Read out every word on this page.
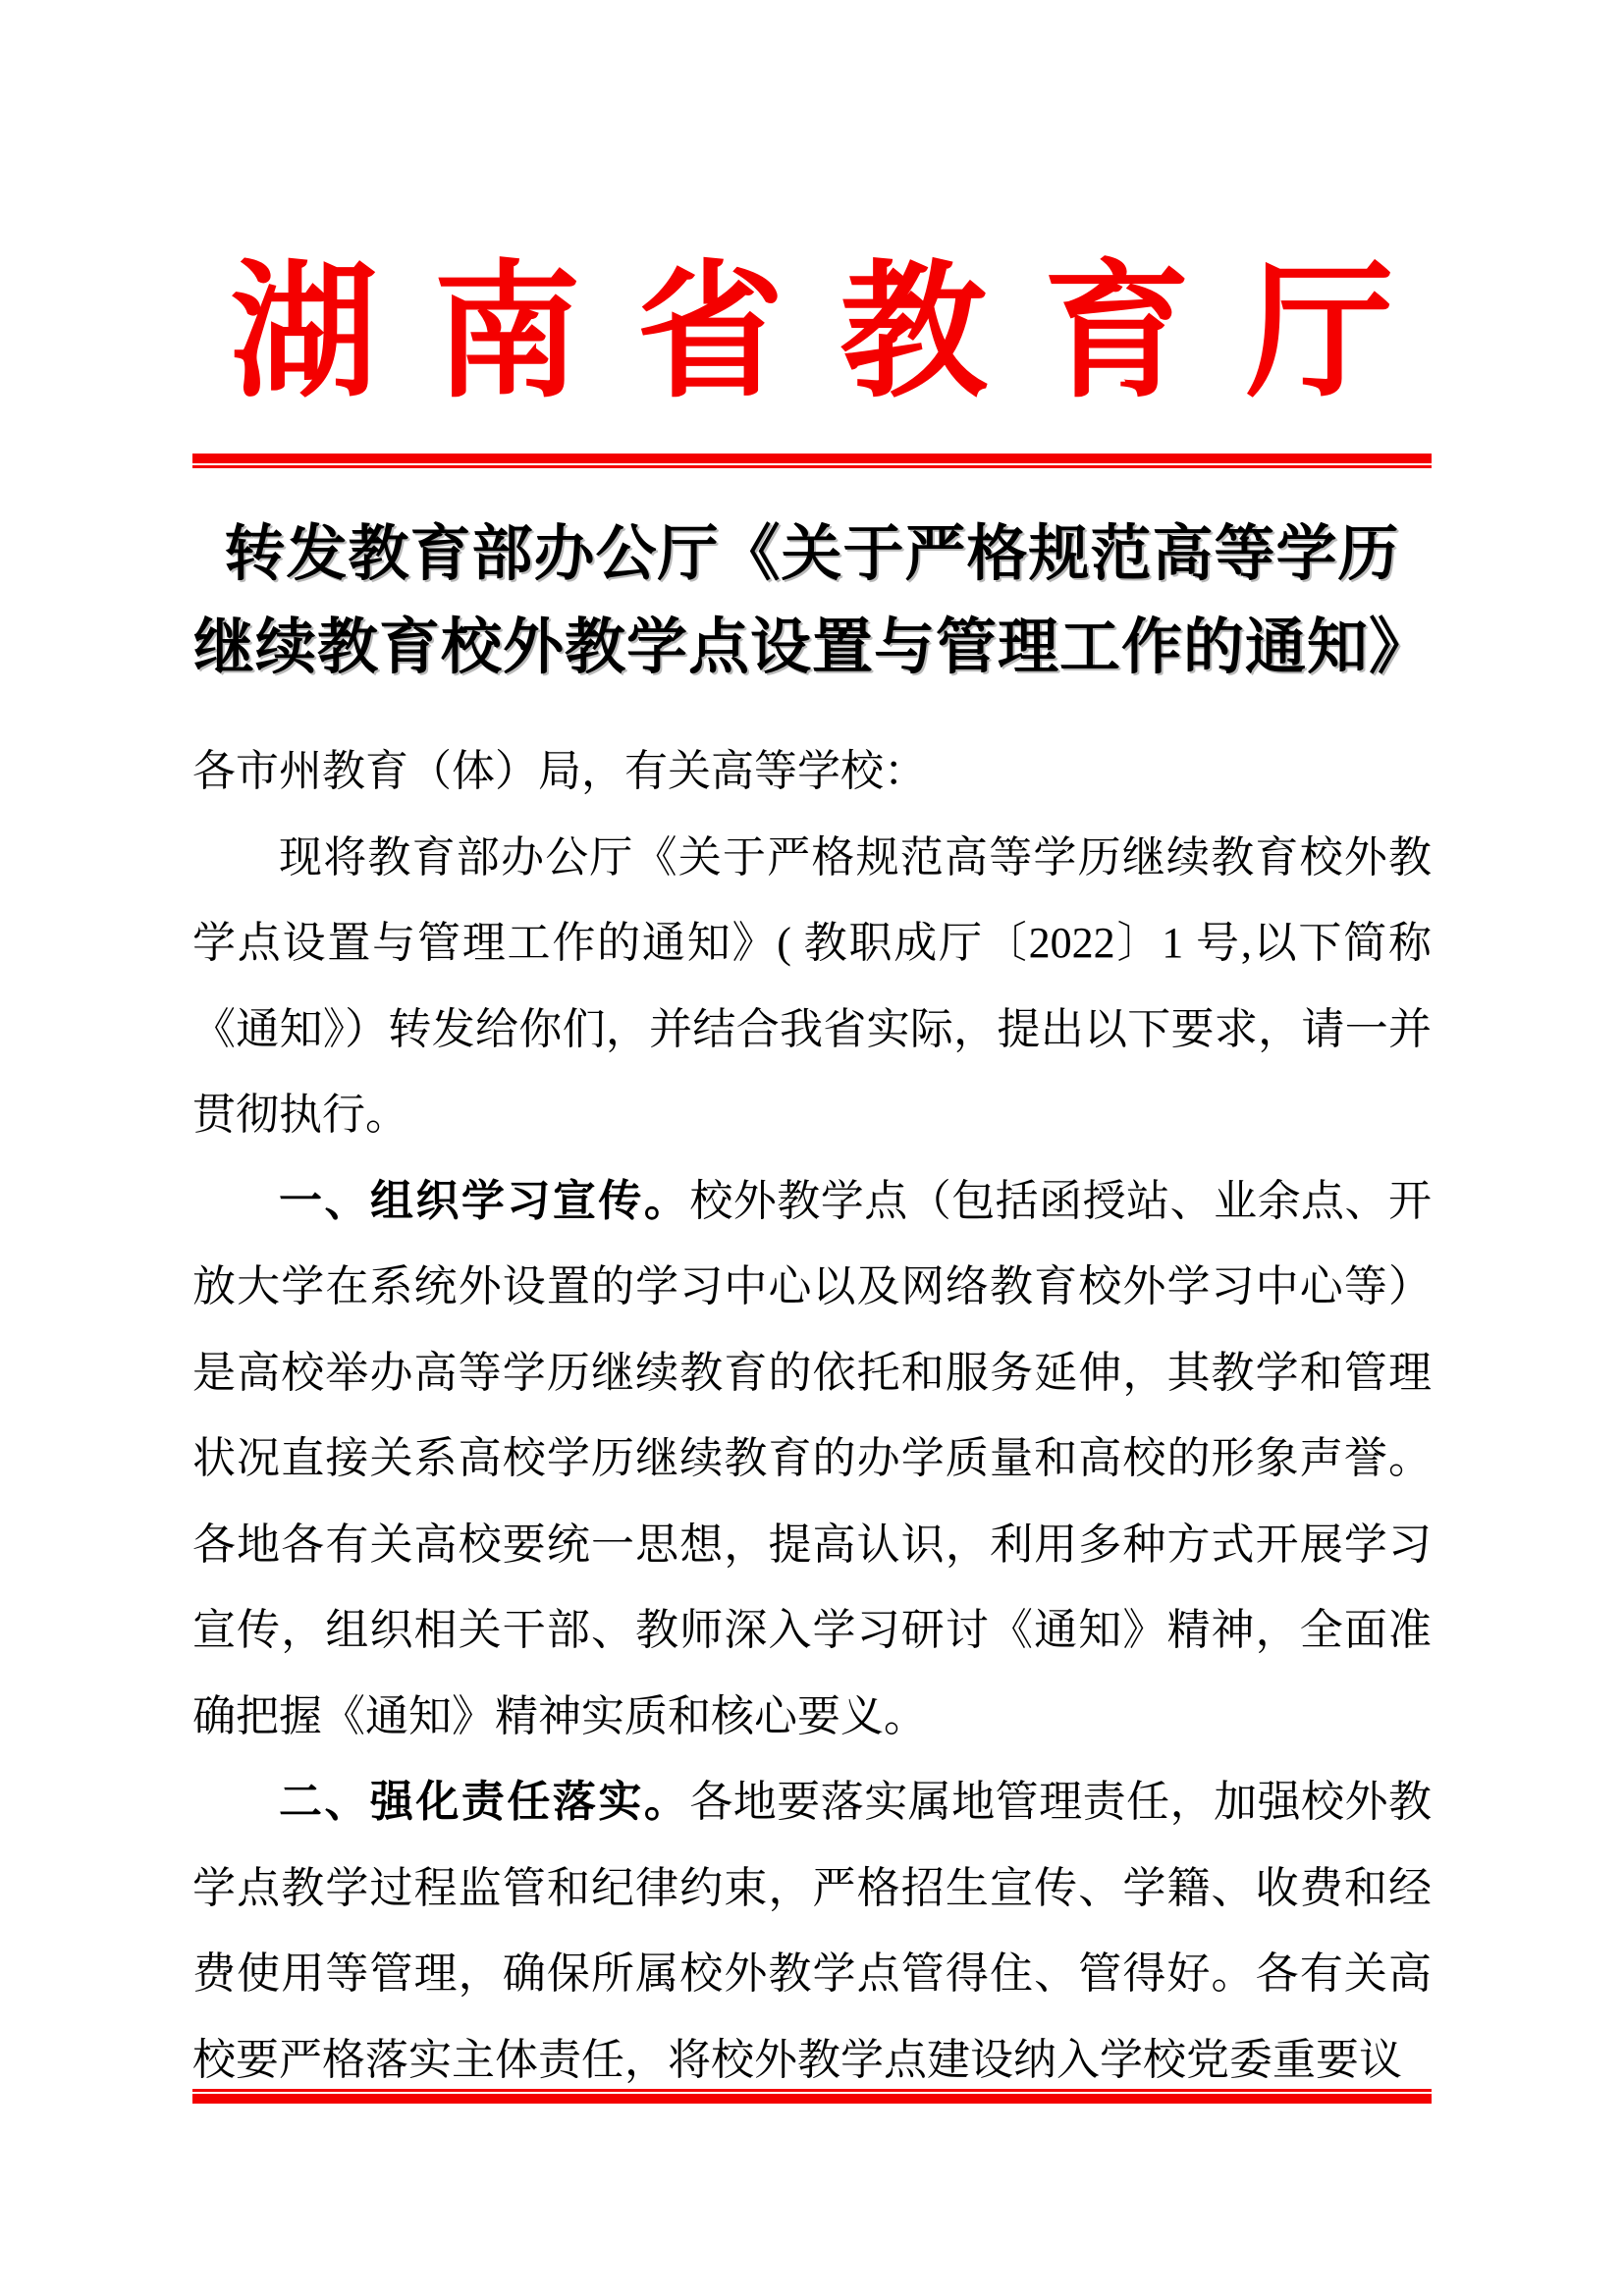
湖南省教育厅
转发教育部办公厅《关于严格规范高等学历
继续教育校外教学点设置与管理工作的通知》

各市州教育（体）局，有关高等学校：

现将教育部办公厅《关于严格规范高等学历继续教育校外教学点设置与管理工作的通知》( 教职成厅〔2022〕1 号,以下简称《通知》）转发给你们，并结合我省实际，提出以下要求，请一并贯彻执行。

一、组织学习宣传。校外教学点（包括函授站、业余点、开放大学在系统外设置的学习中心以及网络教育校外学习中心等）是高校举办高等学历继续教育的依托和服务延伸，其教学和管理状况直接关系高校学历继续教育的办学质量和高校的形象声誉。各地各有关高校要统一思想，提高认识，利用多种方式开展学习宣传，组织相关干部、教师深入学习研讨《通知》精神，全面准确把握《通知》精神实质和核心要义。

二、强化责任落实。各地要落实属地管理责任，加强校外教学点教学过程监管和纪律约束，严格招生宣传、学籍、收费和经费使用等管理，确保所属校外教学点管得住、管得好。各有关高校要严格落实主体责任，将校外教学点建设纳入学校党委重要议
